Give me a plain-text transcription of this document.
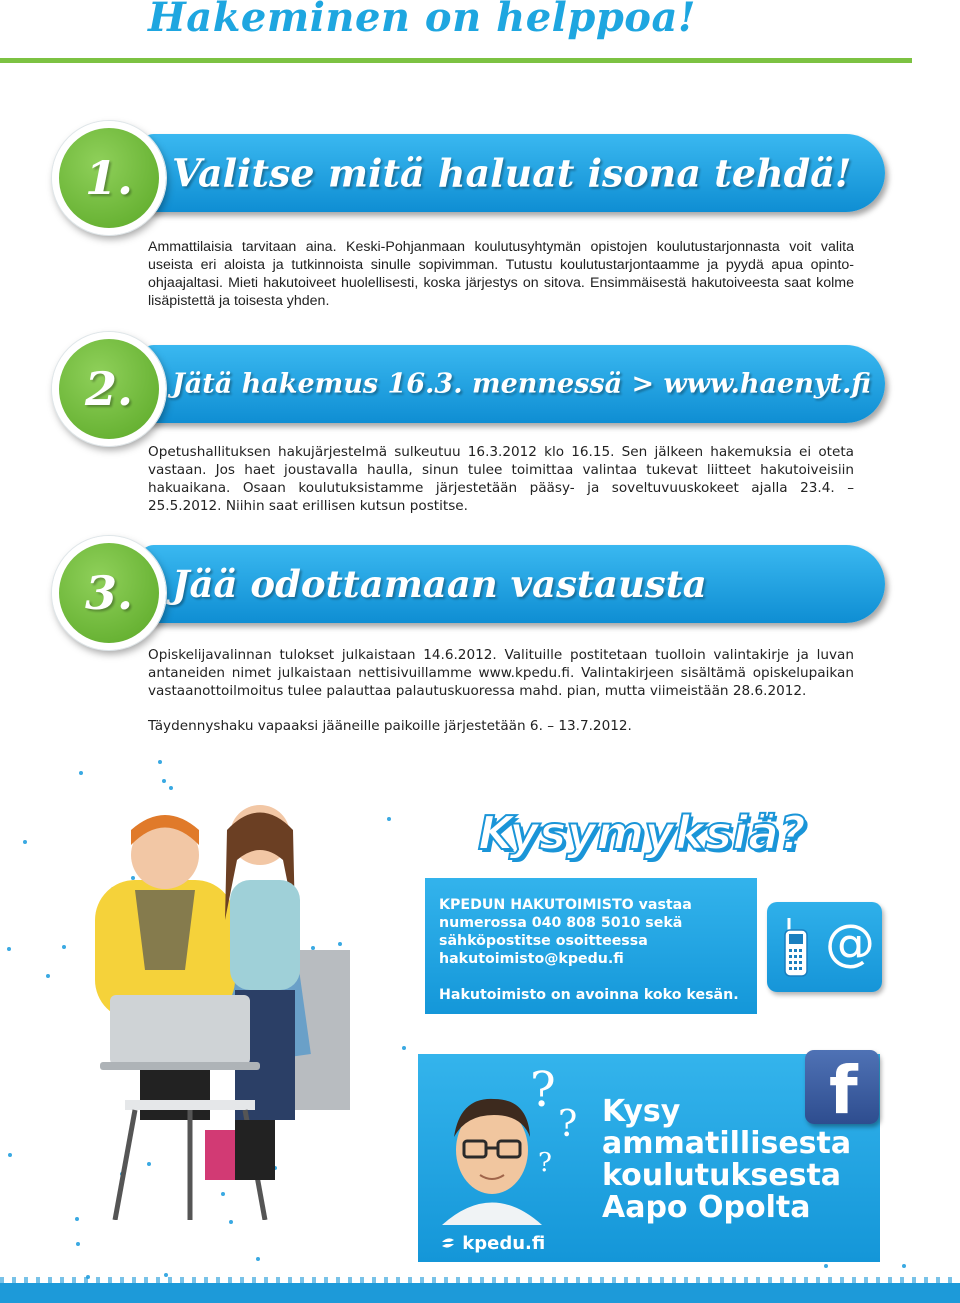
Hakeminen on helppoa!
Valitse mitä haluat isona tehdä!
1.

Ammattilaisia tarvitaan aina. Keski-Pohjanmaan koulutusyhtymän opistojen koulutustarjonnasta voit valita useista eri aloista ja tutkinnoista sinulle sopivimman. Tutustu koulutustarjontaamme ja pyydä apua opinto-ohjaajaltasi. Mieti hakutoiveet huolellisesti, koska järjestys on sitova. Ensimmäisestä hakutoiveesta saat kolme lisäpistettä ja toisesta yhden.

Jätä hakemus 16.3. mennessä > www.haenyt.fi
2.

Opetushallituksen hakujärjestelmä sulkeutuu 16.3.2012 klo 16.15. Sen jälkeen hakemuksia ei oteta vastaan. Jos haet joustavalla haulla, sinun tulee toimittaa valintaa tukevat liitteet hakutoiveisiin hakuaikana. Osaan koulutuksistamme järjestetään pääsy- ja soveltuvuuskokeet ajalla 23.4. – 25.5.2012. Niihin saat erillisen kutsun postitse.

Jää odottamaan vastausta
3.

Opiskelijavalinnan tulokset julkaistaan 14.6.2012. Valituille postitetaan tuolloin valintakirje ja luvan antaneiden nimet julkaistaan nettisivuillamme www.kpedu.fi. Valintakirjeen sisältämä opiskelupaikan vastaanottoilmoitus tulee palauttaa palautuskuoressa mahd. pian, mutta viimeistään 28.6.2012.

Täydennyshaku vapaaksi jääneille paikoille järjestetään 6. – 13.7.2012.

Kysymyksiä?

KPEDUN HAKUTOIMISTO vastaa

numerossa 040 808 5010 sekä

sähköpostitse osoitteessa

hakutoimisto@kpedu.fi

Hakutoimisto on avoinna koko kesän.

@
?
?
?

Kysy
ammatillisesta
koulutuksesta
Aapo Opolta

kpedu.fi
f
